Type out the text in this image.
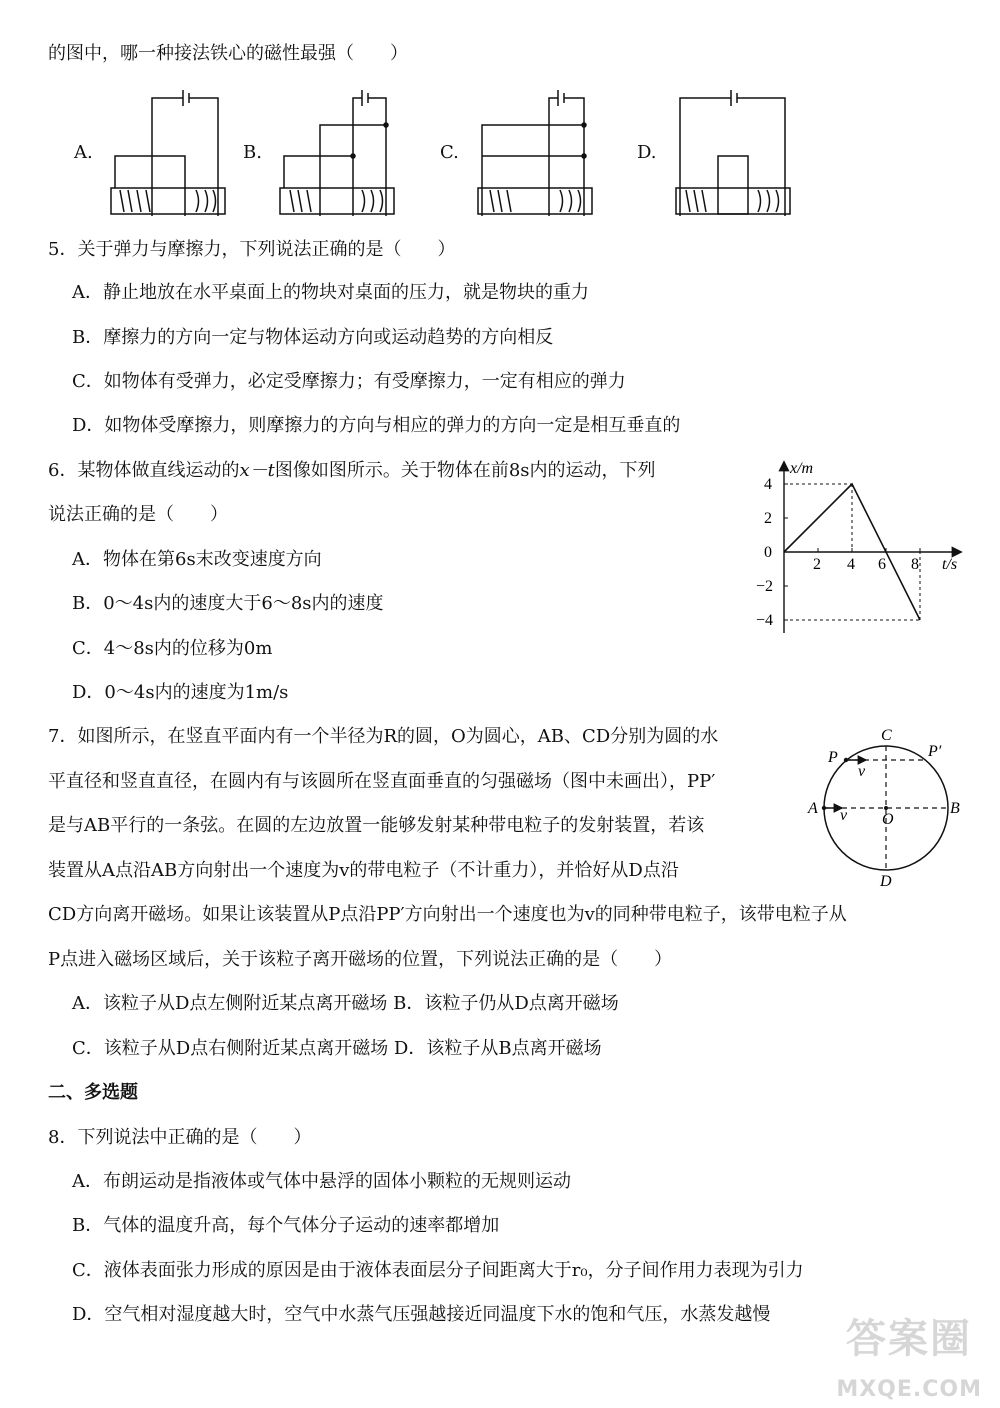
的图中，哪一种接法铁心的磁性最强（　　）
A.	B.	C.	D.
5．关于弹力与摩擦力，下列说法正确的是（　　）
A．静止地放在水平桌面上的物块对桌面的压力，就是物块的重力
B．摩擦力的方向一定与物体运动方向或运动趋势的方向相反
C．如物体有受弹力，必定受摩擦力；有受摩擦力，一定有相应的弹力
D．如物体受摩擦力，则摩擦力的方向与相应的弹力的方向一定是相互垂直的
6．某物体做直线运动的x－t图像如图所示。关于物体在前8s内的运动，下列
说法正确的是（　　）
A．物体在第6s末改变速度方向
B．0～4s内的速度大于6～8s内的速度
C．4～8s内的位移为0m
D．0～4s内的速度为1m/s
x/m
t/s
4
2
0
−2
−4
2 4 6 8
7．如图所示，在竖直平面内有一个半径为R的圆，O为圆心，AB、CD分别为圆的水
平直径和竖直直径，在圆内有与该圆所在竖直面垂直的匀强磁场（图中未画出），PP′
是与AB平行的一条弦。在圆的左边放置一能够发射某种带电粒子的发射装置，若该
装置从A点沿AB方向射出一个速度为v的带电粒子（不计重力），并恰好从D点沿
CD方向离开磁场。如果让该装置从P点沿PP′方向射出一个速度也为v的同种带电粒子，该带电粒子从
P点进入磁场区域后，关于该粒子离开磁场的位置，下列说法正确的是（　　）
A．该粒子从D点左侧附近某点离开磁场 B．该粒子仍从D点离开磁场
C．该粒子从D点右侧附近某点离开磁场 D．该粒子从B点离开磁场
C
P	P′
v
A v O
B
D
二、多选题
8．下列说法中正确的是（　　）
A．布朗运动是指液体或气体中悬浮的固体小颗粒的无规则运动
B．气体的温度升高，每个气体分子运动的速率都增加
C．液体表面张力形成的原因是由于液体表面层分子间距离大于r₀，分子间作用力表现为引力
D．空气相对湿度越大时，空气中水蒸气压强越接近同温度下水的饱和气压，水蒸发越慢
答案圈
MXQE.COM
